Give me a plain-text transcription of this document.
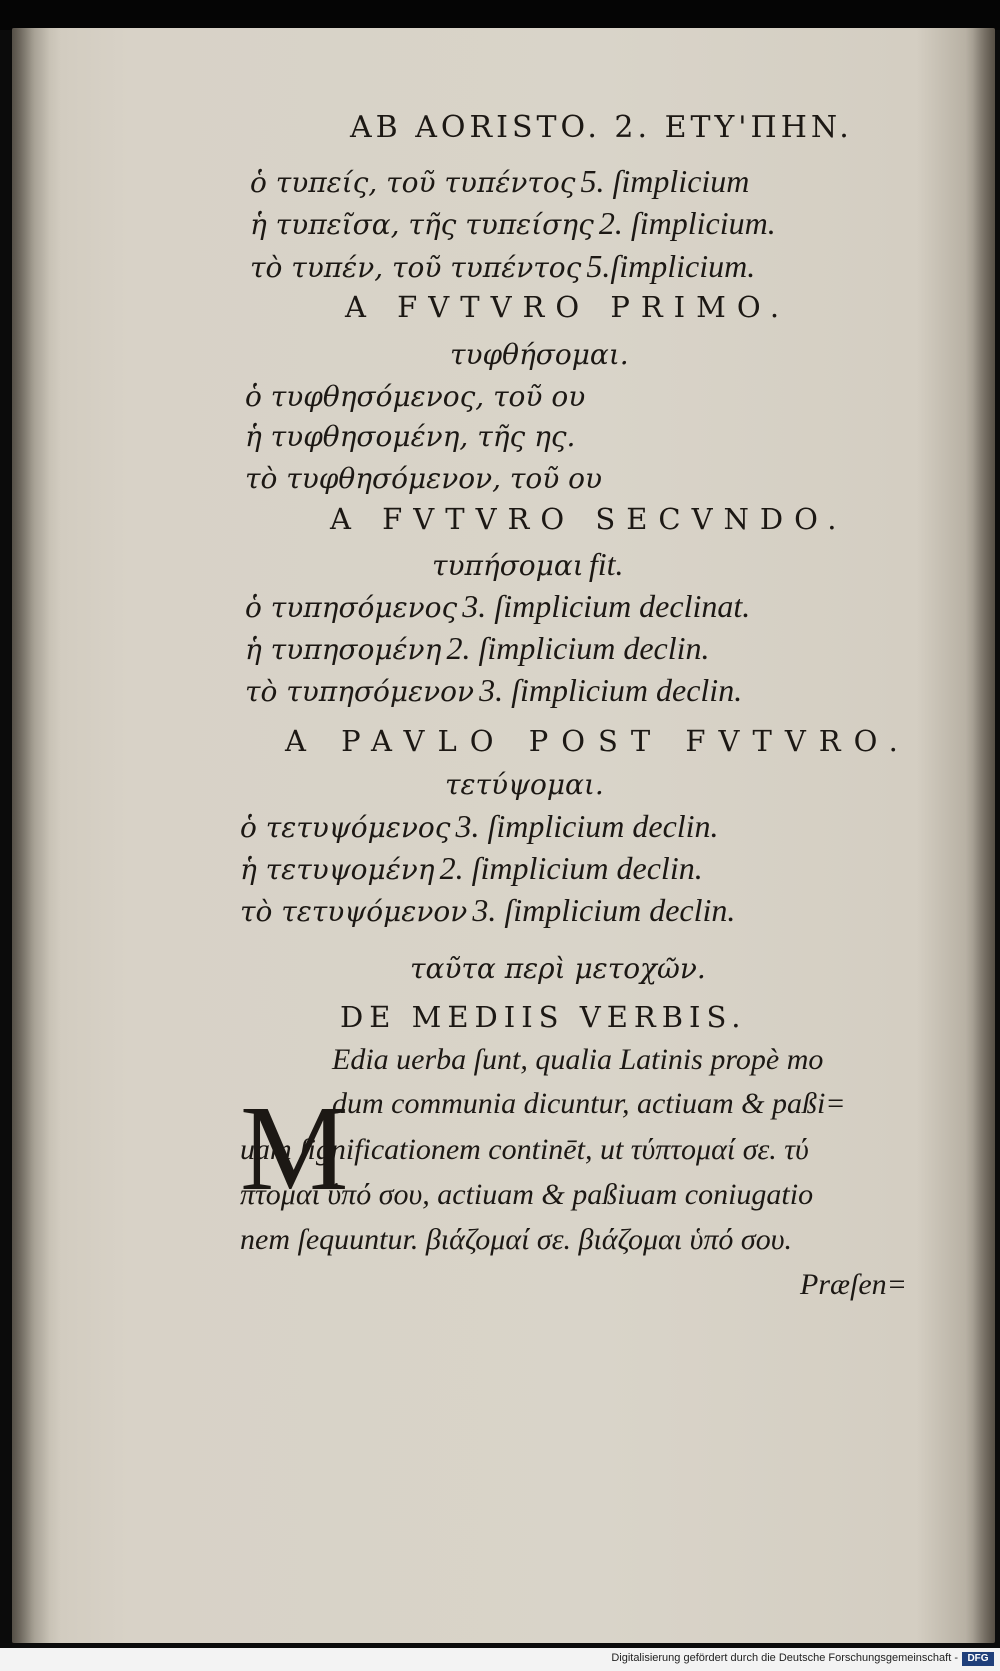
AB AORISTO. 2. ETY'ΠHN.
ὁ τυπείς, τοῦ τυπέντος 5. ſimplicium
ἡ τυπεῖσα, τῆς τυπείσης 2. ſimplicium.
τὸ τυπέν, τοῦ τυπέντος 5.ſimplicium.
A FVTVRO PRIMO.
τυφθήσομαι.
ὁ τυφθησόμενος, τοῦ ου
ἡ τυφθησομένη, τῆς ης.
τὸ τυφθησόμενον, τοῦ ου
A FVTVRO SECVNDO.
τυπήσομαι fit.
ὁ τυπησόμενος 3. ſimplicium declinat.
ἡ τυπησομένη 2. ſimplicium declin.
τὸ τυπησόμενον 3. ſimplicium declin.
A PAVLO POST FVTVRO.
τετύψομαι.
ὁ τετυψόμενος 3. ſimplicium declin.
ἡ τετυψομένη 2. ſimplicium declin.
τὸ τετυψόμενον 3. ſimplicium declin.
ταῦτα περὶ μετοχῶν.
DE MEDIIS VERBIS.
M
Edia uerba ſunt, qualia Latinis propè mo
dum communia dicuntur, actiuam & paßi=
uam ſignificationem continēt, ut τύπτομαί σε. τύ
πτομαι ὑπό σου, actiuam & paßiuam coniugatio
nem ſequuntur. βιάζομαί σε. βιάζομαι ὑπό σου.
Præſen=
Digitalisierung gefördert durch die Deutsche Forschungsgemeinschaft - DFG
